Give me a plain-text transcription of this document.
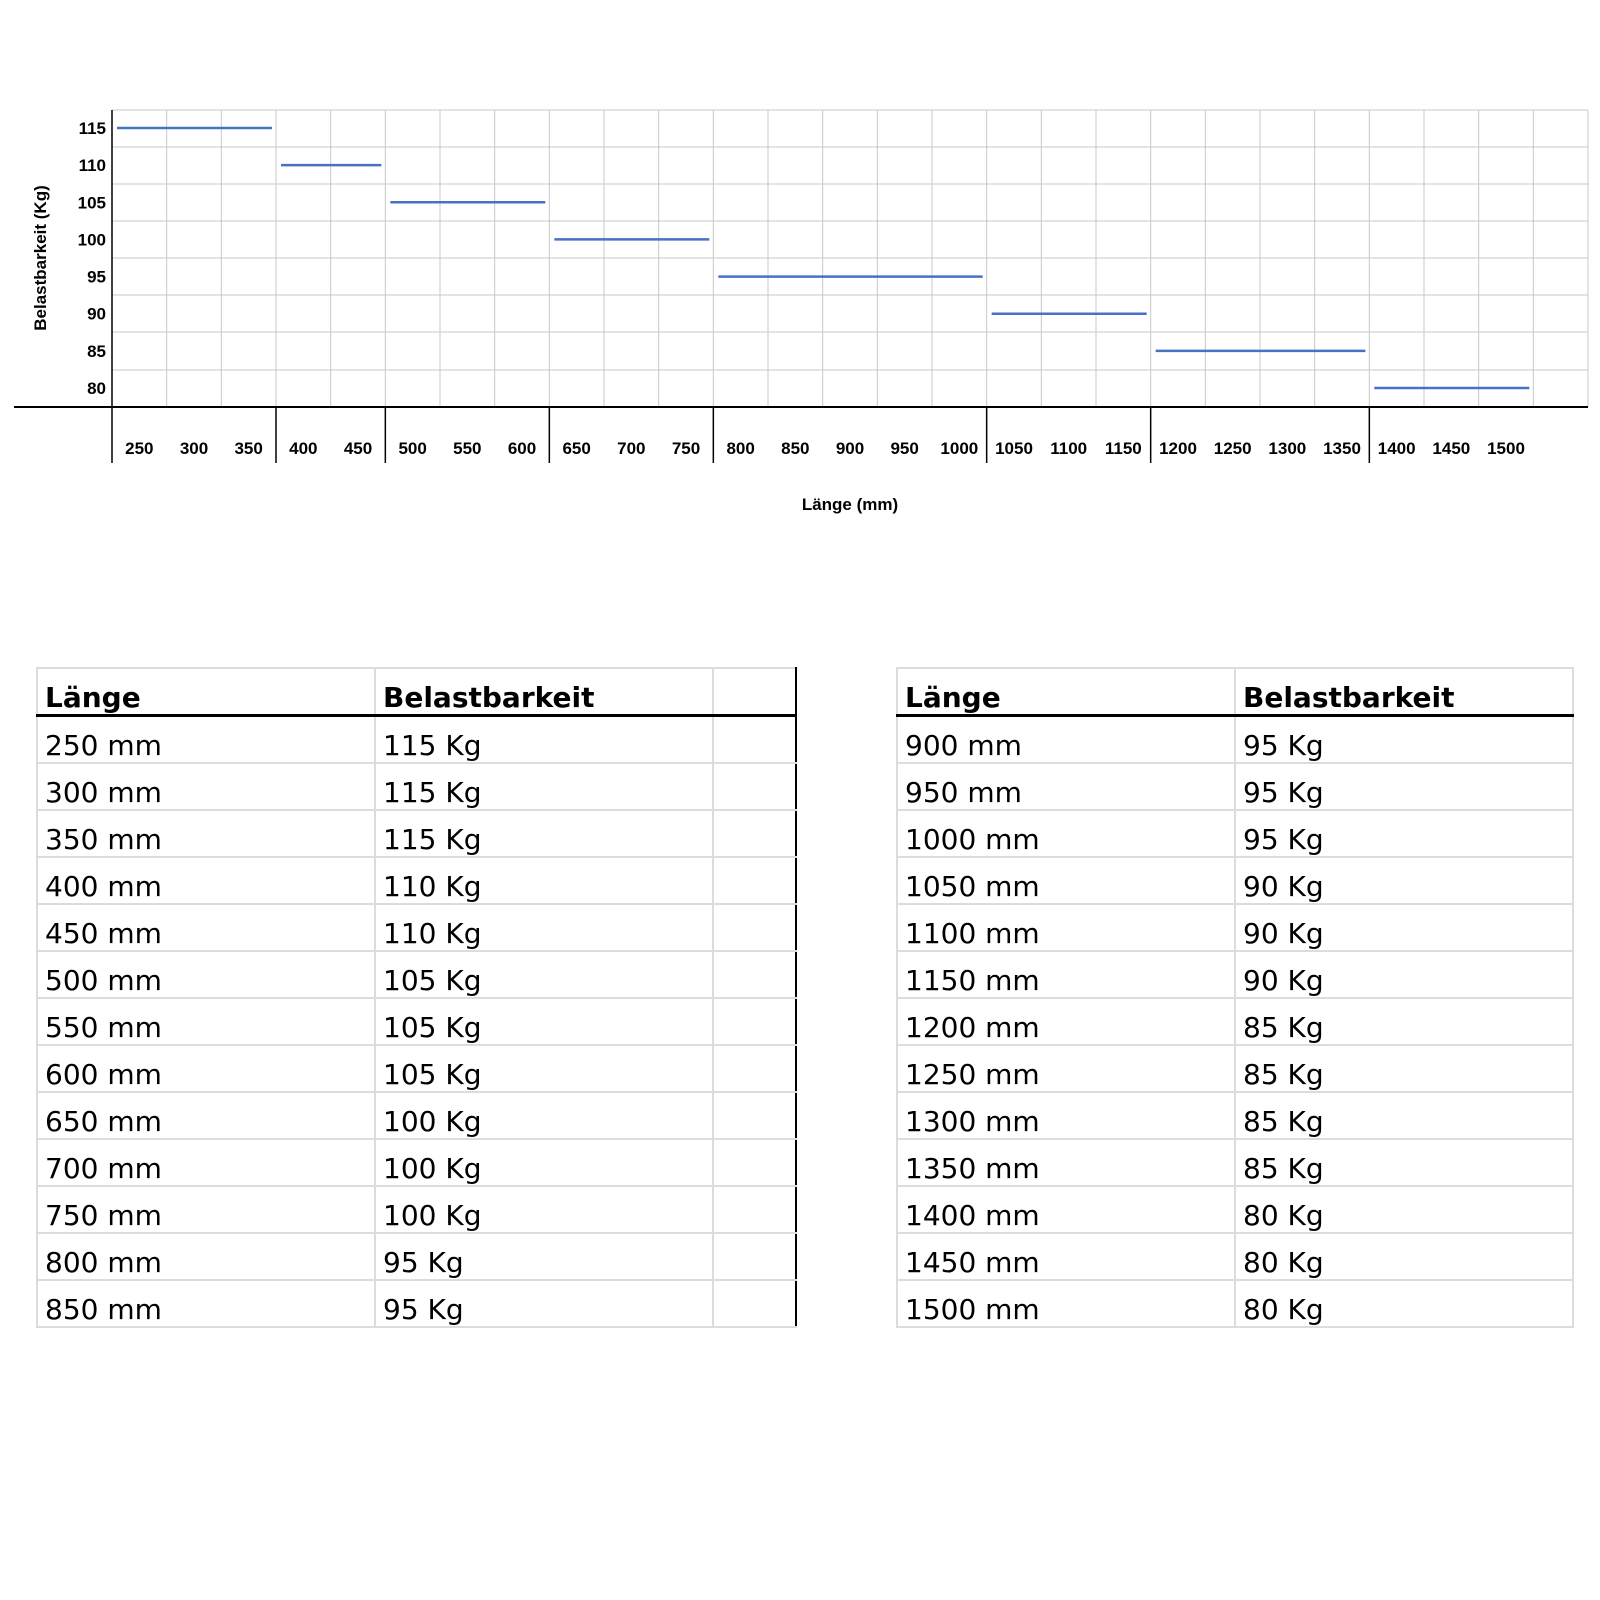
115
110
105
100
95
90
85
80
250 300 350 400 450 500 550 600 650 700 750 800 850 900 950 1000 1050 1100 1150 1200 1250 1300 1350 1400 1450 1500
Belastbarkeit (Kg)
Länge (mm)
Länge	Belastbarkeit	
250 mm	115 Kg	
300 mm	115 Kg	
350 mm	115 Kg	
400 mm	110 Kg	
450 mm	110 Kg	
500 mm	105 Kg	
550 mm	105 Kg	
600 mm	105 Kg	
650 mm	100 Kg	
700 mm	100 Kg	
750 mm	100 Kg	
800 mm	95 Kg	
850 mm	95 Kg	
Länge	Belastbarkeit
900 mm	95 Kg
950 mm	95 Kg
1000 mm	95 Kg
1050 mm	90 Kg
1100 mm	90 Kg
1150 mm	90 Kg
1200 mm	85 Kg
1250 mm	85 Kg
1300 mm	85 Kg
1350 mm	85 Kg
1400 mm	80 Kg
1450 mm	80 Kg
1500 mm	80 Kg
